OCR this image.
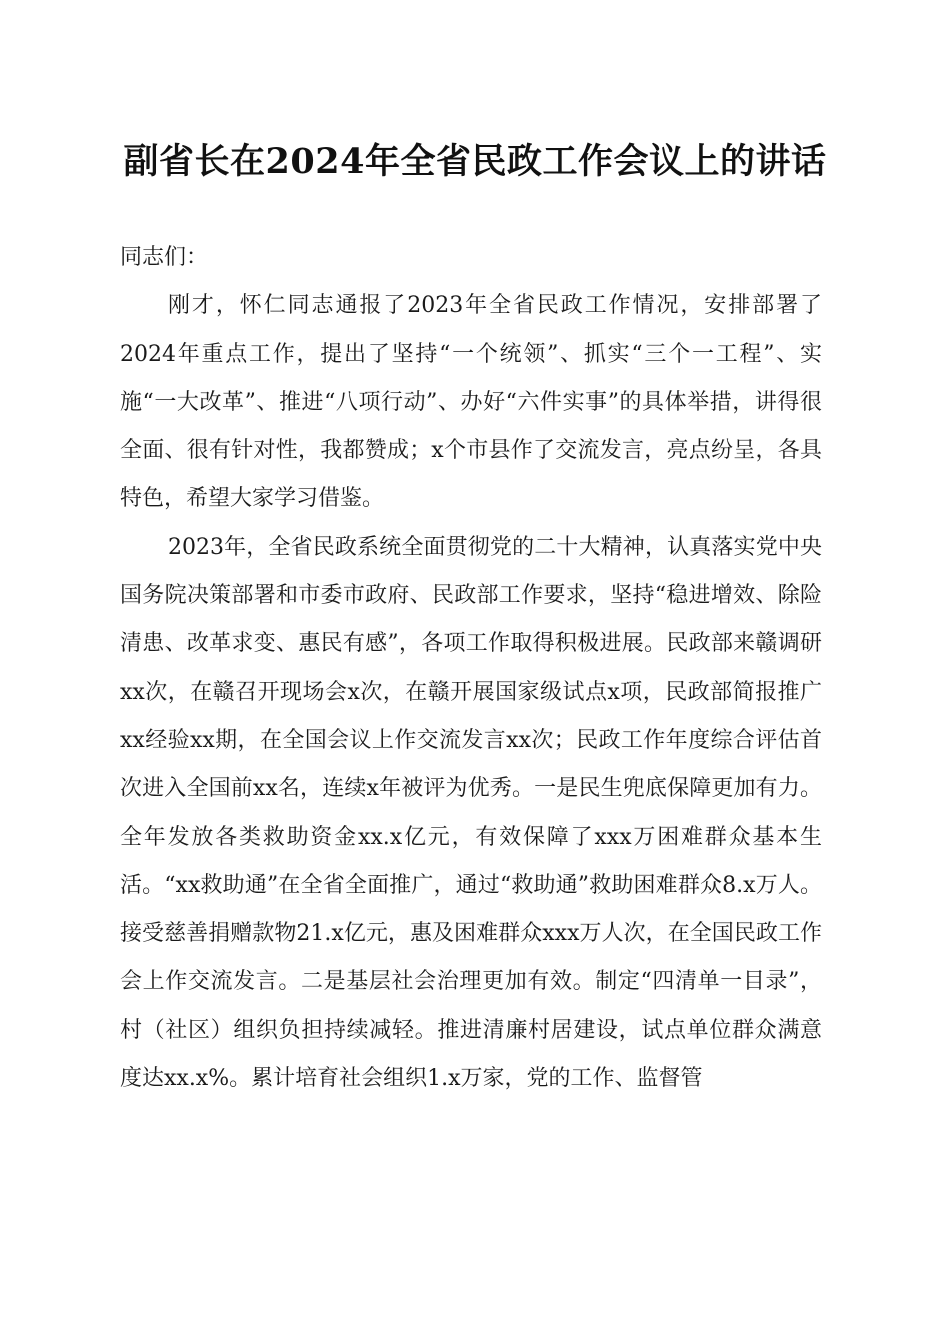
副省长在2024年全省民政工作会议上的讲话

同志们：

刚才，怀仁同志通报了2023年全省民政工作情况，安排部署了2024年重点工作，提出了坚持“一个统领”、抓实“三个一工程”、实施“一大改革”、推进“八项行动”、办好“六件实事”的具体举措，讲得很全面、很有针对性，我都赞成；x个市县作了交流发言，亮点纷呈，各具特色，希望大家学习借鉴。

2023年，全省民政系统全面贯彻党的二十大精神，认真落实党中央国务院决策部署和市委市政府、民政部工作要求，坚持“稳进增效、除险清患、改革求变、惠民有感”，各项工作取得积极进展。民政部来赣调研xx次，在赣召开现场会x次，在赣开展国家级试点x项，民政部简报推广xx经验xx期，在全国会议上作交流发言xx次；民政工作年度综合评估首次进入全国前xx名，连续x年被评为优秀。一是民生兜底保障更加有力。全年发放各类救助资金xx.x亿元，有效保障了xxx万困难群众基本生活。“xx救助通”在全省全面推广，通过“救助通”救助困难群众8.x万人。接受慈善捐赠款物21.x亿元，惠及困难群众xxx万人次，在全国民政工作会上作交流发言。二是基层社会治理更加有效。制定“四清单一目录”，村（社区）组织负担持续减轻。推进清廉村居建设，试点单位群众满意度达xx.x%。累计培育社会组织1.x万家，党的工作、监督管
